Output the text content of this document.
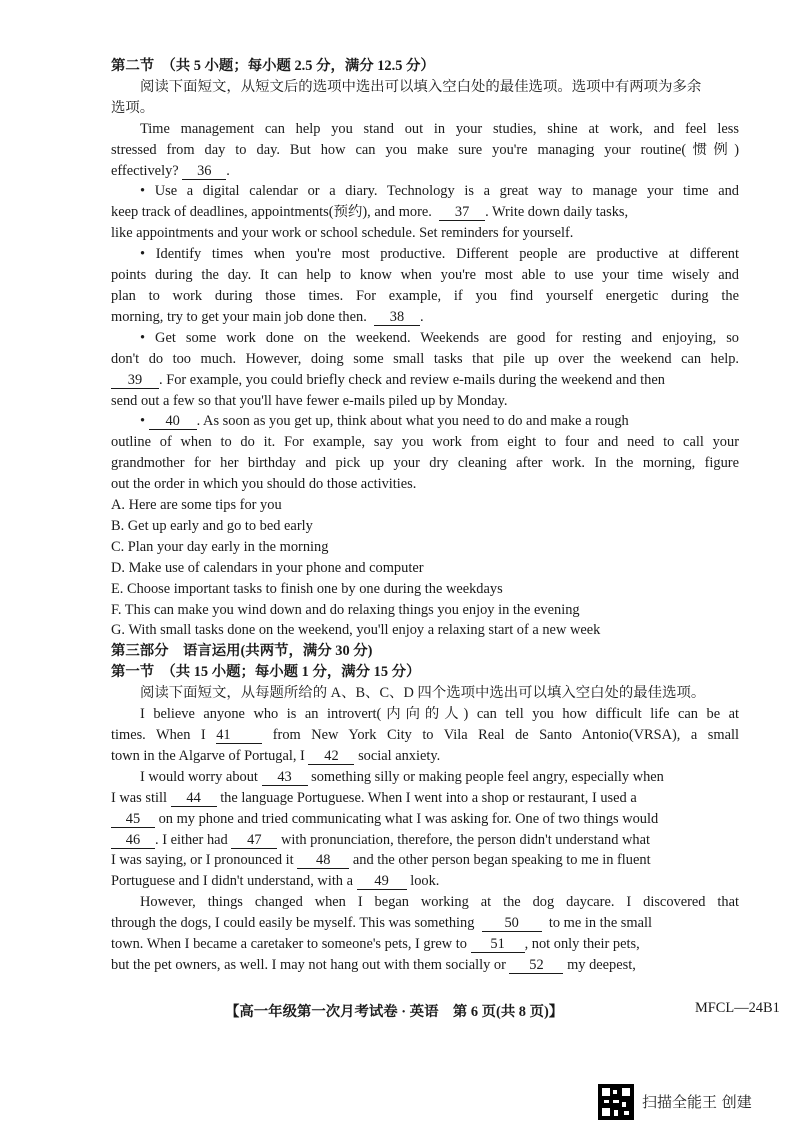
第二节　（共 5 小题；每小题 2.5 分，满分 12.5 分）
阅读下面短文，从短文后的选项中选出可以填入空白处的最佳选项。选项中有两项为多余
选项。
Time management can help you stand out in your studies, shine at work, and feel less
stressed from day to day. But how can you make sure you're managing your routine(惯例)
effectively? 36 .
• Use a digital calendar or a diary. Technology is a great way to manage your time and
keep track of deadlines, appointments(预约), and more. 37 . Write down daily tasks,
like appointments and your work or school schedule. Set reminders for yourself.
• Identify times when you're most productive. Different people are productive at different
points during the day. It can help to know when you're most able to use your time wisely and
plan to work during those times. For example, if you find yourself energetic during the
morning, try to get your main job done then. 38 .
• Get some work done on the weekend. Weekends are good for resting and enjoying, so
don't do too much. However, doing some small tasks that pile up over the weekend can help.
39 . For example, you could briefly check and review e-mails during the weekend and then
send out a few so that you'll have fewer e-mails piled up by Monday.
• 40 . As soon as you get up, think about what you need to do and make a rough
outline of when to do it. For example, say you work from eight to four and need to call your
grandmother for her birthday and pick up your dry cleaning after work. In the morning, figure
out the order in which you should do those activities.
A. Here are some tips for you
B. Get up early and go to bed early
C. Plan your day early in the morning
D. Make use of calendars in your phone and computer
E. Choose important tasks to finish one by one during the weekdays
F. This can make you wind down and do relaxing things you enjoy in the evening
G. With small tasks done on the weekend, you'll enjoy a relaxing start of a new week
第三部分　语言运用(共两节，满分 30 分)
第一节　（共 15 小题；每小题 1 分，满分 15 分）
阅读下面短文，从每题所给的 A、B、C、D 四个选项中选出可以填入空白处的最佳选项。
I believe anyone who is an introvert(内向的人) can tell you how difficult life can be at
times. When I 41	from New York City to Vila Real de Santo Antonio(VRSA), a small
town in the Algarve of Portugal, I 42 social anxiety.
I would worry about 43 something silly or making people feel angry, especially when
I was still 44 the language Portuguese. When I went into a shop or restaurant, I used a
45 on my phone and tried communicating what I was asking for. One of two things would
46 . I either had 47 with pronunciation, therefore, the person didn't understand what
I was saying, or I pronounced it 48 and the other person began speaking to me in fluent
Portuguese and I didn't understand, with a 49 look.
However, things changed when I began working at the dog daycare. I discovered that
through the dogs, I could easily be myself. This was something 50 to me in the small
town. When I became a caretaker to someone's pets, I grew to 51 , not only their pets,
but the pet owners, as well. I may not hang out with them socially or 52 my deepest,
【高一年级第一次月考试卷 · 英语　第 6 页(共 8 页)】	MFCL—24B1
扫描全能王 创建
